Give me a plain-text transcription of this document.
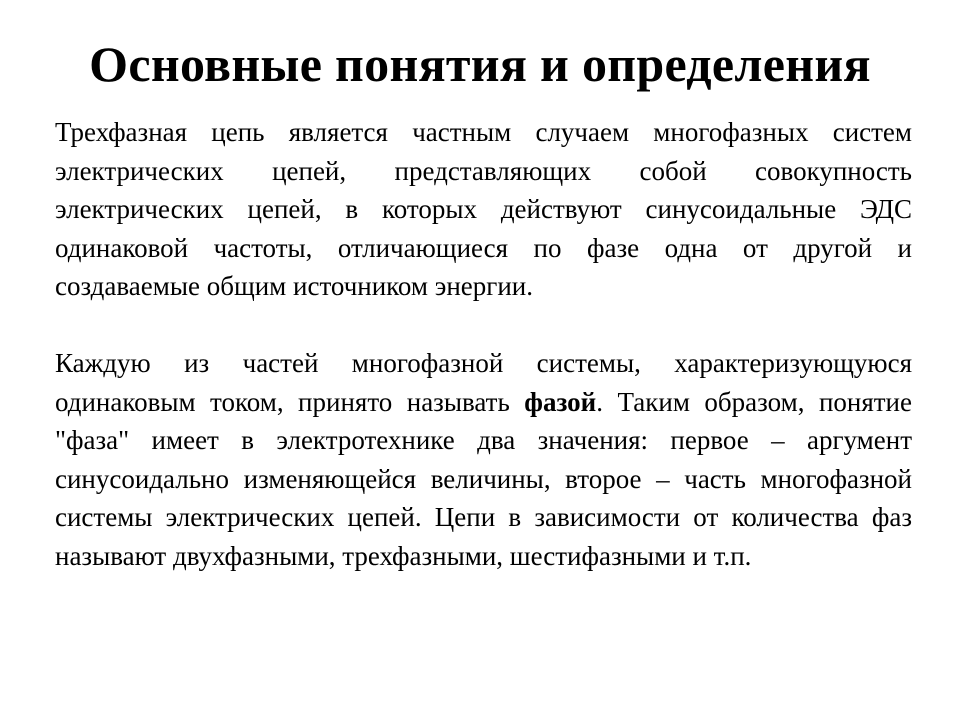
Основные понятия и определения

Трехфазная цепь является частным случаем многофазных систем электрических цепей, представляющих собой совокупность электрических цепей, в которых действуют синусоидальные ЭДС одинаковой частоты, отличающиеся по фазе одна от другой и создаваемые общим источником энергии.

Каждую из частей многофазной системы, характеризующуюся одинаковым током, принято называть фазой. Таким образом, понятие "фаза" имеет в электротехнике два значения: первое – аргумент синусоидально изменяющейся величины, второе – часть многофазной системы электрических цепей. Цепи в зависимости от количества фаз называют двухфазными, трехфазными, шестифазными и т.п.
